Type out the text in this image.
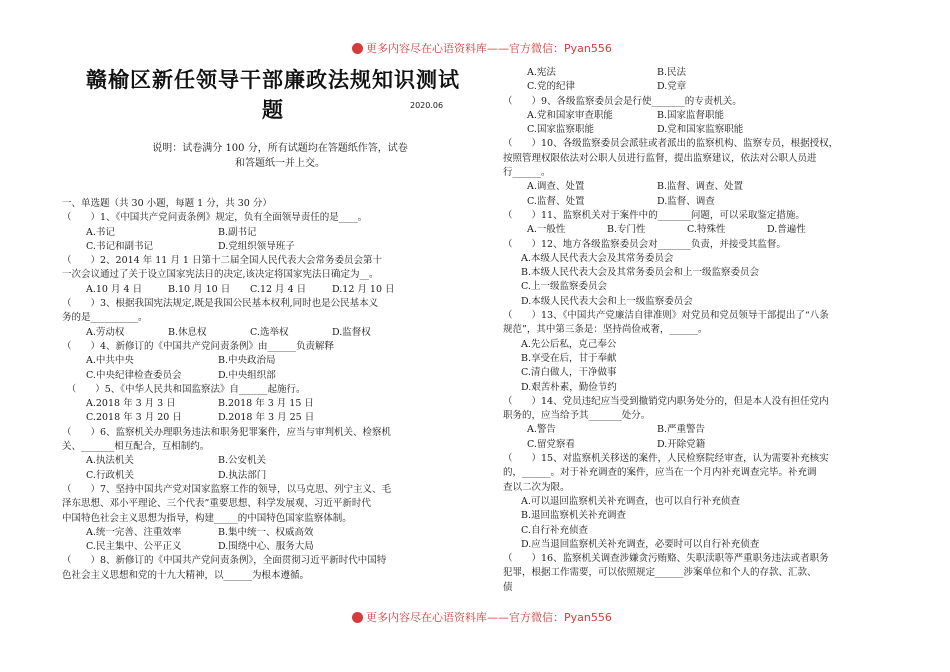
更多内容尽在心语资料库——官方微信：Pyan556
赣榆区新任领导干部廉政法规知识测试题	2020.06
说明：试卷满分 100 分，所有试题均在答题纸作答，试卷
和答题纸一并上交。
一、单选题（共 30 小题，每题 1 分，共 30 分）
（　　）1、《中国共产党问责条例》规定，负有全面领导责任的是____。
A.书记	B.副书记
C.书记和副书记	D.党组织领导班子
（　　）2、2014 年 11 月 1 日第十二届全国人民代表大会常务委员会第十
一次会议通过了关于设立国家宪法日的决定,该决定将国家宪法日确定为__。
A.10 月 4 日	B.10 月 10 日	C.12 月 4 日	D.12 月 10 日
（　　）3、根据我国宪法规定,既是我国公民基本权利,同时也是公民基本义
务的是__________。
A.劳动权	B.休息权	C.选举权	D.监督权
（　　）4、新修订的《中国共产党问责条例》由______负责解释
A.中共中央	B.中央政治局
C.中央纪律检查委员会	D.中央组织部
　（　　）5、《中华人民共和国监察法》自______起施行。
A.2018 年 3 月 3 日	B.2018 年 3 月 15 日
C.2018 年 3 月 20 日	D.2018 年 3 月 25 日
（　　）6、监察机关办理职务违法和职务犯罪案件，应当与审判机关、检察机
关、_______相互配合，互相制约。
A.执法机关	B.公安机关
C.行政机关	D.执法部门
（　　）7、坚持中国共产党对国家监察工作的领导，以马克思、列宁主义、毛
泽东思想、邓小平理论、三个代表”重要思想、科学发展观、习近平新时代
中国特色社会主义思想为指导，构建_____的中国特色国家监察体制。
A.统一完善、注重效率	B.集中统一、权威高效
C.民主集中、公平正义	D.围绕中心、服务大局
（　　）8、新修订的《中国共产党问责条例》，全面贯彻习近平新时代中国特
色社会主义思想和党的十九大精神，以______为根本遵循。
A.宪法	B.民法
C.党的纪律	D.党章
（　　）9、各级监察委员会是行使_______的专责机关。
A.党和国家审查职能	B.国家监督职能
C.国家监察职能	D.党和国家监察职能
（　　）10、各级监察委员会派驻或者派出的监察机构、监察专员，根据授权，
按照管理权限依法对公职人员进行监督，提出监察建议，依法对公职人员进
行______。
A.调查、处置	B.监督、调查、处置
C.监督、处置	D.监督、调查
（　　）11、监察机关对于案件中的_______问题，可以采取鉴定措施。
A.一般性	B.专门性	C.特殊性	D.普遍性
（　　）12、地方各级监察委员会对_______负责，并接受其监督。
A.本级人民代表大会及其常务委员会
B.本级人民代表大会及其常务委员会和上一级监察委员会
C.上一级监察委员会
D.本级人民代表大会和上一级监察委员会
（　　）13、《中国共产党廉洁自律准则》对党员和党员领导干部提出了“八条
规范”，其中第三条是：坚持尚俭戒奢，______。
A.先公后私，克己奉公
B.享受在后，甘于奉献
C.清白做人，干净做事
D.艰苦朴素，勤俭节约
（　　）14、党员违纪应当受到撤销党内职务处分的，但是本人没有担任党内
职务的，应当给予其_______处分。
A.警告	B.严重警告
C.留党察看	D.开除党籍
（　　）15、对监察机关移送的案件，人民检察院经审查，认为需要补充核实
的，______。对于补充调查的案件，应当在一个月内补充调查完毕。补充调
查以二次为限。
A.可以退回监察机关补充调查，也可以自行补充侦查
B.退回监察机关补充调查
C.自行补充侦查
D.应当退回监察机关补充调查，必要时可以自行补充侦查
（　　）16、监察机关调查涉嫌贪污贿赂、失职渎职等严重职务违法或者职务
犯罪，根据工作需要，可以依照规定______涉案单位和个人的存款、汇款、
债
更多内容尽在心语资料库——官方微信：Pyan556
